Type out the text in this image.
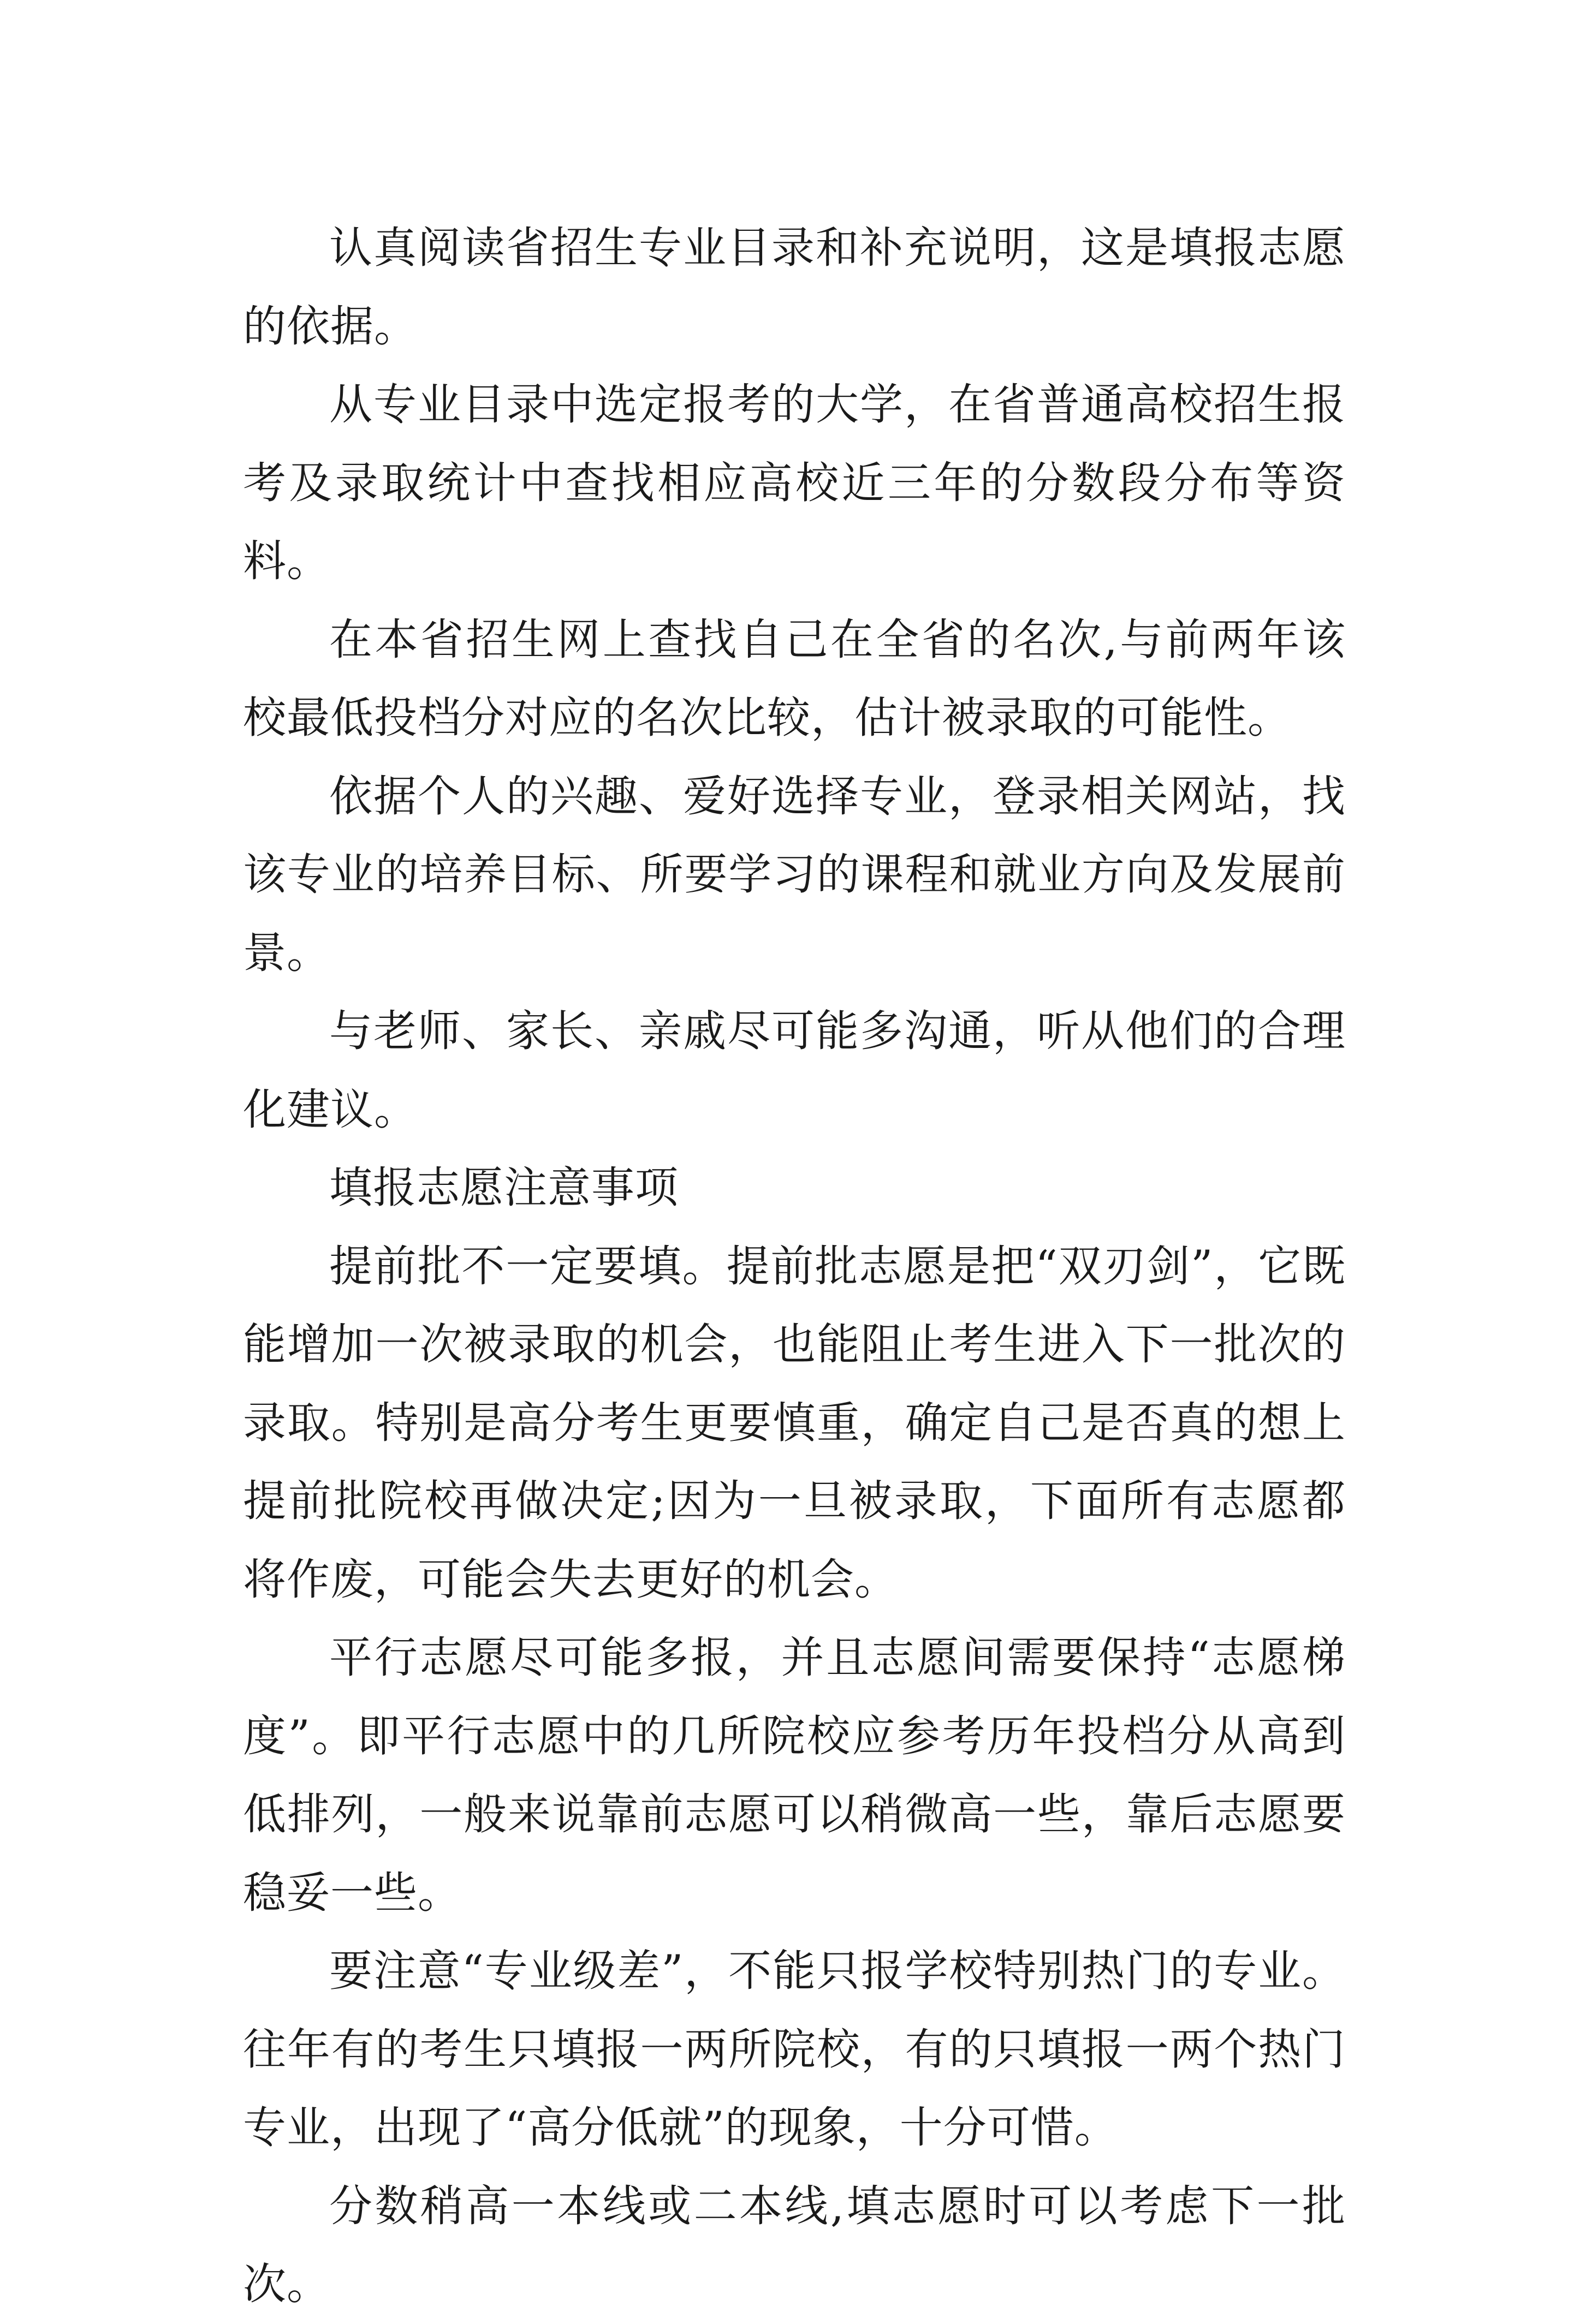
认真阅读省招生专业目录和补充说明，这是填报志愿的依据。

从专业目录中选定报考的大学，在省普通高校招生报考及录取统计中查找相应高校近三年的分数段分布等资料。

在本省招生网上查找自己在全省的名次,与前两年该校最低投档分对应的名次比较，估计被录取的可能性。

依据个人的兴趣、爱好选择专业，登录相关网站，找该专业的培养目标、所要学习的课程和就业方向及发展前景。

与老师、家长、亲戚尽可能多沟通，听从他们的合理化建议。

填报志愿注意事项

提前批不一定要填。提前批志愿是把“双刃剑”，它既能增加一次被录取的机会，也能阻止考生进入下一批次的录取。特别是高分考生更要慎重，确定自己是否真的想上提前批院校再做决定;因为一旦被录取，下面所有志愿都将作废，可能会失去更好的机会。

平行志愿尽可能多报，并且志愿间需要保持“志愿梯度”。即平行志愿中的几所院校应参考历年投档分从高到低排列，一般来说靠前志愿可以稍微高一些，靠后志愿要稳妥一些。

要注意“专业级差”，不能只报学校特别热门的专业。往年有的考生只填报一两所院校，有的只填报一两个热门专业，出现了“高分低就”的现象，十分可惜。

分数稍高一本线或二本线,填志愿时可以考虑下一批次。
